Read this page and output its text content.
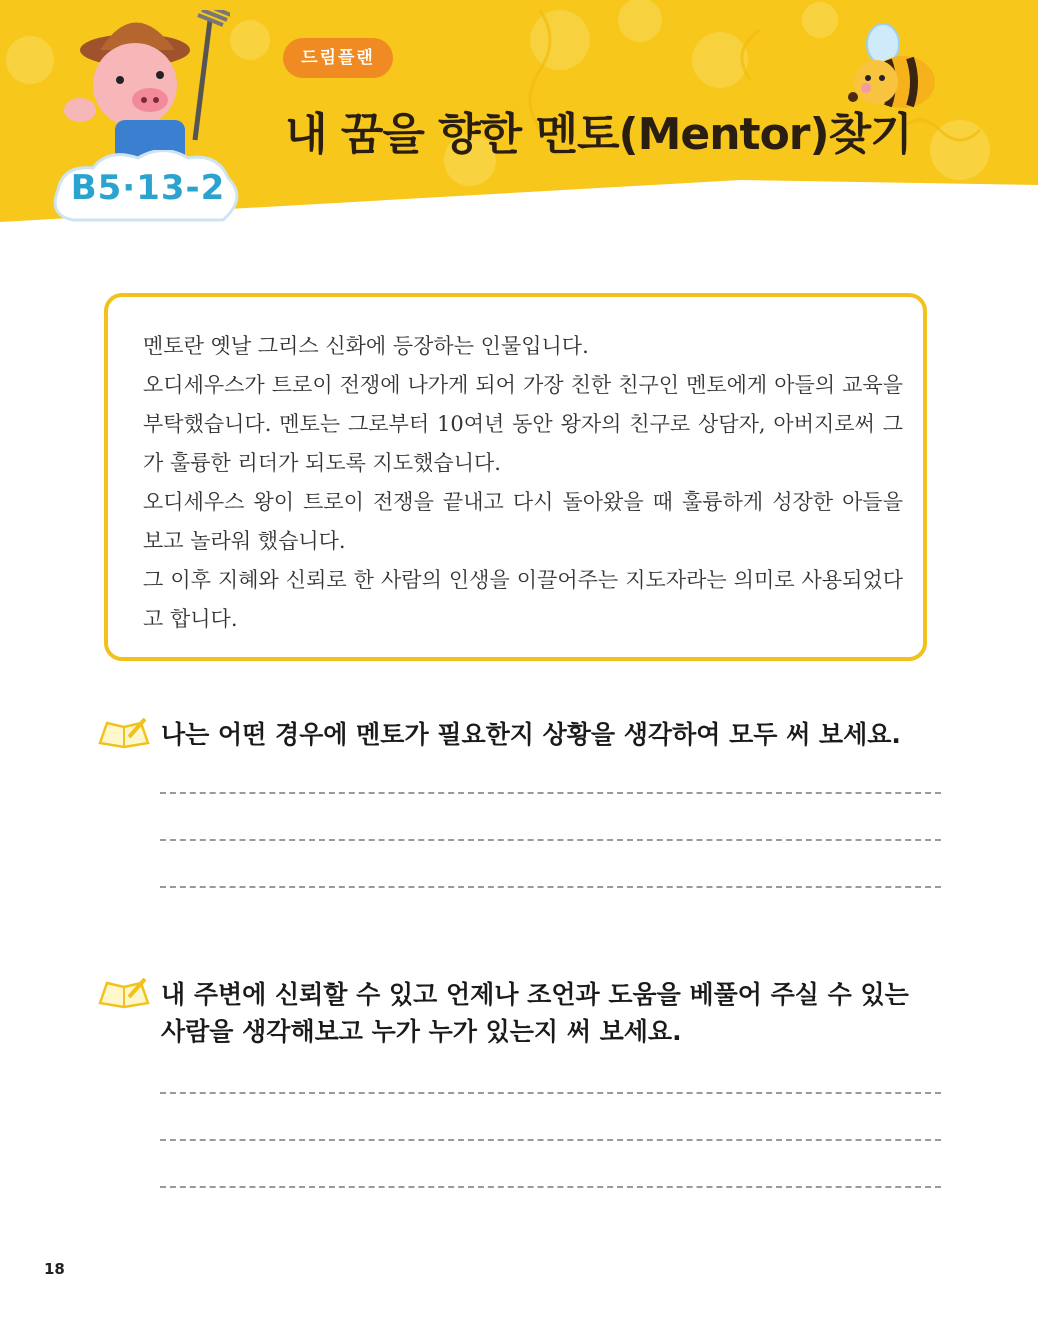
B5·13-2
드림플랜
내 꿈을 향한 멘토(Mentor)찾기

멘토란 옛날 그리스 신화에 등장하는 인물입니다.

오디세우스가 트로이 전쟁에 나가게 되어 가장 친한 친구인 멘토에게 아들의 교육을 부탁했습니다. 멘토는 그로부터 10여년 동안 왕자의 친구로 상담자, 아버지로써 그가 훌륭한 리더가 되도록 지도했습니다.

오디세우스 왕이 트로이 전쟁을 끝내고 다시 돌아왔을 때 훌륭하게 성장한 아들을 보고 놀라워 했습니다.

그 이후 지혜와 신뢰로 한 사람의 인생을 이끌어주는 지도자라는 의미로 사용되었다고 합니다.

나는 어떤 경우에 멘토가 필요한지 상황을 생각하여 모두 써 보세요.
내 주변에 신뢰할 수 있고 언제나 조언과 도움을 베풀어 주실 수 있는 사람을 생각해보고 누가 누가 있는지 써 보세요.
18
